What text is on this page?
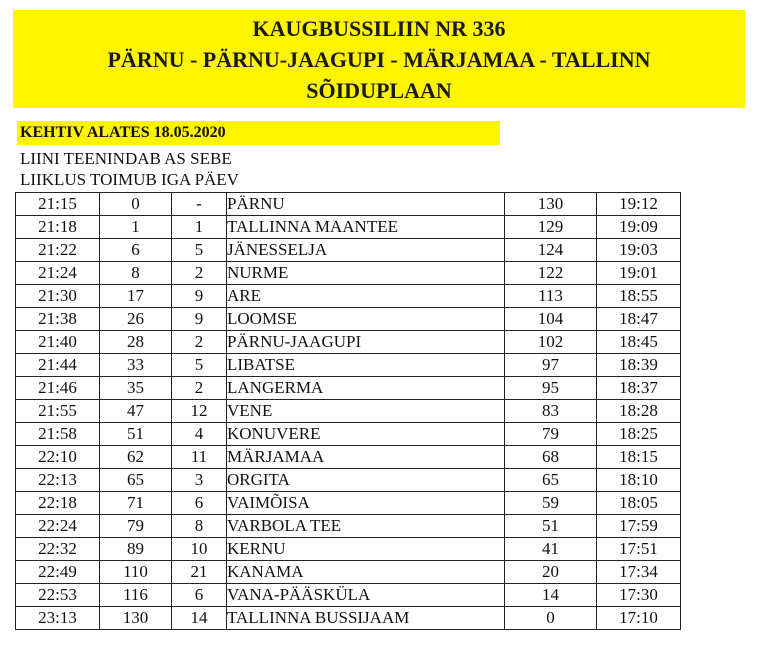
KAUGBUSSILIIN NR 336
PÄRNU - PÄRNU-JAAGUPI - MÄRJAMAA - TALLINN
SÕIDUPLAAN
KEHTIV ALATES 18.05.2020
LIINI TEENINDAB AS SEBE
LIIKLUS TOIMUB IGA PÄEV
21:15	0	-	PÄRNU	130	19:12
21:18	1	1	TALLINNA MAANTEE	129	19:09
21:22	6	5	JÄNESSELJA	124	19:03
21:24	8	2	NURME	122	19:01
21:30	17	9	ARE	113	18:55
21:38	26	9	LOOMSE	104	18:47
21:40	28	2	PÄRNU-JAAGUPI	102	18:45
21:44	33	5	LIBATSE	97	18:39
21:46	35	2	LANGERMA	95	18:37
21:55	47	12	VENE	83	18:28
21:58	51	4	KONUVERE	79	18:25
22:10	62	11	MÄRJAMAA	68	18:15
22:13	65	3	ORGITA	65	18:10
22:18	71	6	VAIMÕISA	59	18:05
22:24	79	8	VARBOLA TEE	51	17:59
22:32	89	10	KERNU	41	17:51
22:49	110	21	KANAMA	20	17:34
22:53	116	6	VANA-PÄÄSKÜLA	14	17:30
23:13	130	14	TALLINNA BUSSIJAAM	0	17:10
